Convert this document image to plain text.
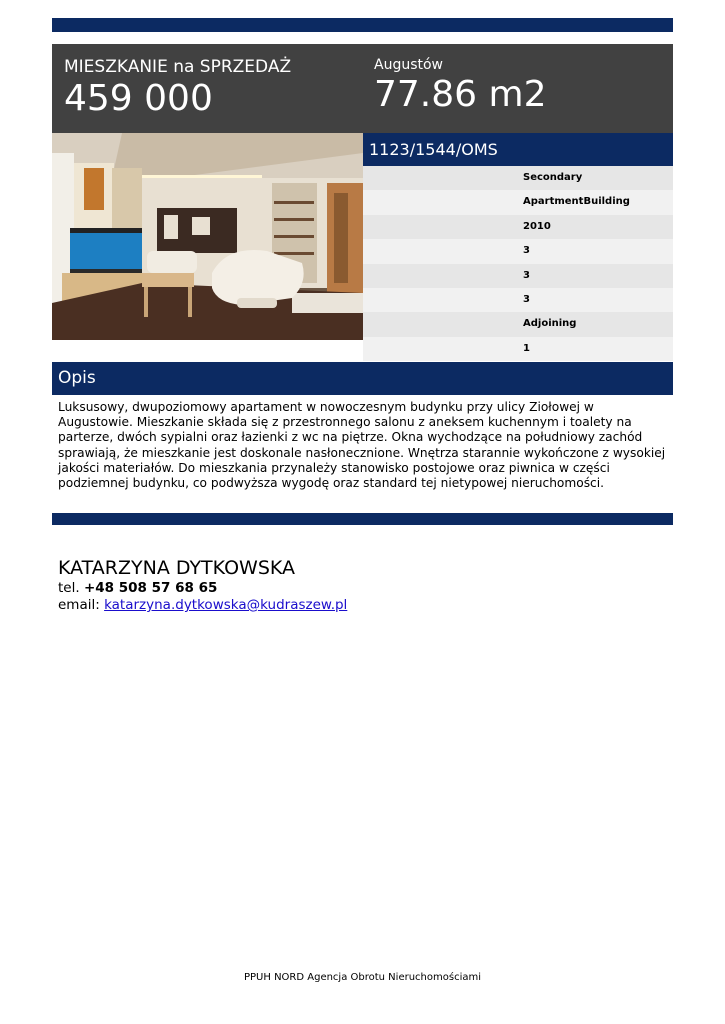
MIESZKANIE na SPRZEDAŻ
459 000
Augustów
77.86 m2
1123/1544/OMS
Secondary
ApartmentBuilding
2010
3
3
3
Adjoining
1
Opis
Luksusowy, dwupoziomowy apartament w nowoczesnym budynku przy ulicy Ziołowej w Augustowie. Mieszkanie składa się z przestronnego salonu z aneksem kuchennym i toalety na parterze, dwóch sypialni oraz łazienki z wc na piętrze. Okna wychodzące na południowy zachód sprawiają, że mieszkanie jest doskonale nasłonecznione. Wnętrza starannie wykończone z wysokiej jakości materiałów. Do mieszkania przynależy stanowisko postojowe oraz piwnica w części podziemnej budynku, co podwyższa wygodę oraz standard tej nietypowej nieruchomości.
KATARZYNA DYTKOWSKA
tel. +48 508 57 68 65
email: katarzyna.dytkowska@kudraszew.pl
PPUH NORD Agencja Obrotu Nieruchomościami
